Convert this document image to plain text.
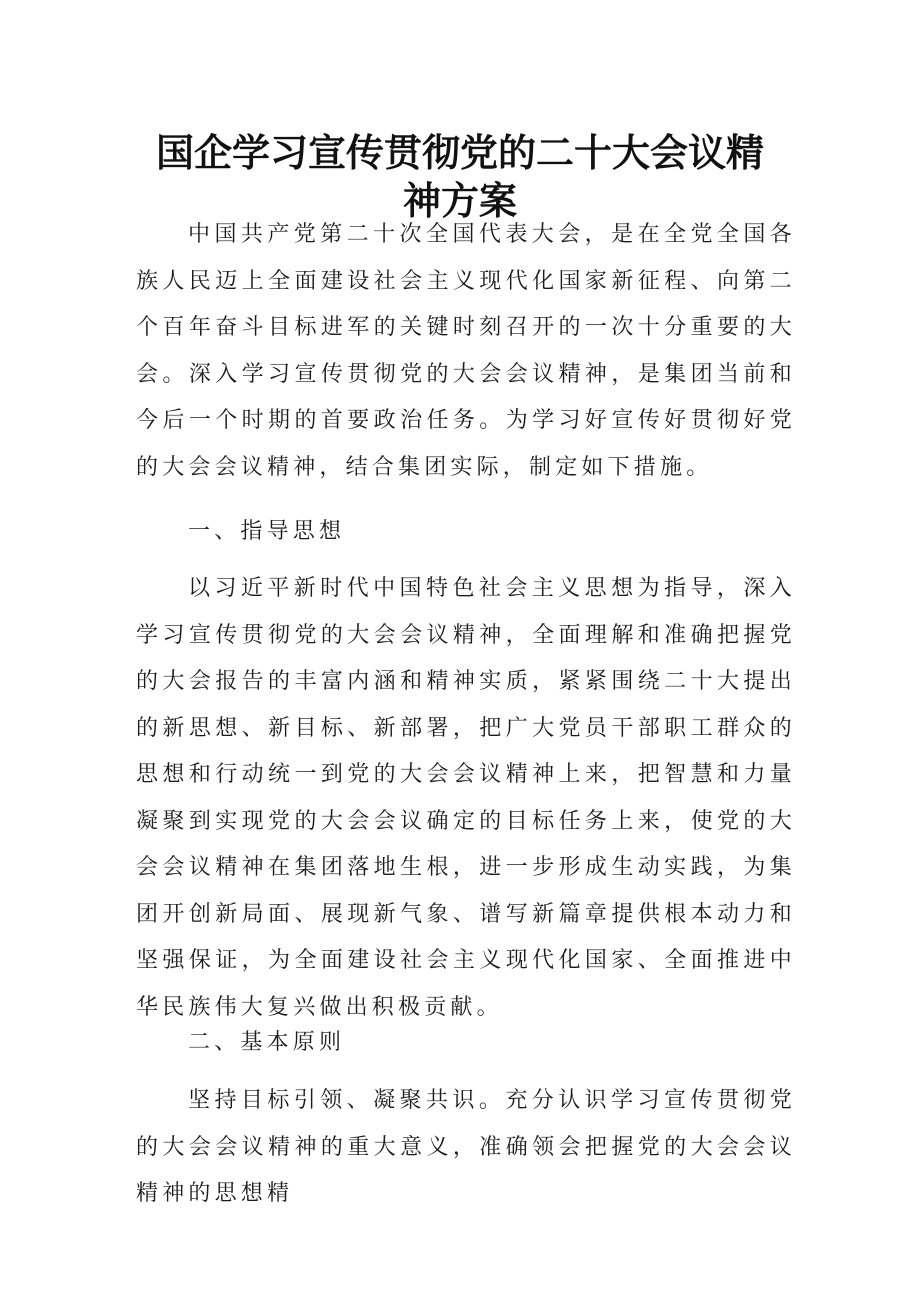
国企学习宣传贯彻党的二十大会议精
神方案

中国共产党第二十次全国代表大会，是在全党全国各族人民迈上全面建设社会主义现代化国家新征程、向第二个百年奋斗目标进军的关键时刻召开的一次十分重要的大会。深入学习宣传贯彻党的大会会议精神，是集团当前和今后一个时期的首要政治任务。为学习好宣传好贯彻好党的大会会议精神，结合集团实际，制定如下措施。

一、指导思想

以习近平新时代中国特色社会主义思想为指导，深入学习宣传贯彻党的大会会议精神，全面理解和准确把握党的大会报告的丰富内涵和精神实质，紧紧围绕二十大提出的新思想、新目标、新部署，把广大党员干部职工群众的思想和行动统一到党的大会会议精神上来，把智慧和力量凝聚到实现党的大会会议确定的目标任务上来，使党的大会会议精神在集团落地生根，进一步形成生动实践，为集团开创新局面、展现新气象、谱写新篇章提供根本动力和坚强保证，为全面建设社会主义现代化国家、全面推进中华民族伟大复兴做出积极贡献。

二、基本原则

坚持目标引领、凝聚共识。充分认识学习宣传贯彻党的大会会议精神的重大意义，准确领会把握党的大会会议精神的思想精
